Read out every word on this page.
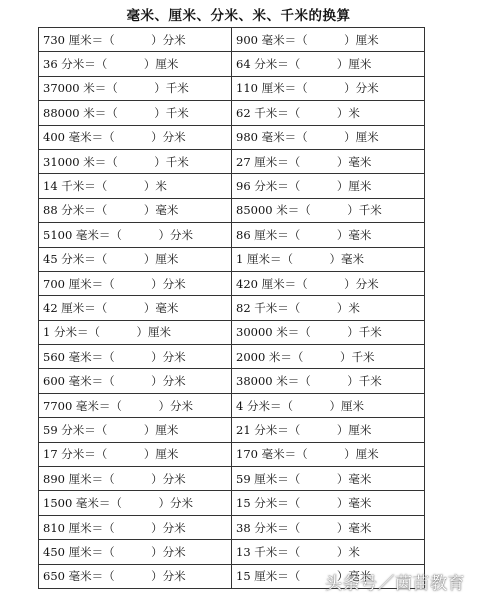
毫米、厘米、分米、米、千米的换算
730 厘米＝（          ）分米	900 毫米＝（          ）厘米
36 分米＝（          ）厘米	64 分米＝（          ）厘米
37000 米＝（          ）千米	110 厘米＝（          ）分米
88000 米＝（          ）千米	62 千米＝（          ）米
400 毫米＝（          ）分米	980 毫米＝（          ）厘米
31000 米＝（          ）千米	27 厘米＝（          ）毫米
14 千米＝（          ）米	96 分米＝（          ）厘米
88 分米＝（          ）毫米	85000 米＝（          ）千米
5100 毫米＝（          ）分米	86 厘米＝（          ）毫米
45 分米＝（          ）厘米	1 厘米＝（          ）毫米
700 厘米＝（          ）分米	420 厘米＝（          ）分米
42 厘米＝（          ）毫米	82 千米＝（          ）米
1 分米＝（          ）厘米	30000 米＝（          ）千米
560 毫米＝（          ）分米	2000 米＝（          ）千米
600 毫米＝（          ）分米	38000 米＝（          ）千米
7700 毫米＝（          ）分米	4 分米＝（          ）厘米
59 分米＝（          ）厘米	21 分米＝（          ）厘米
17 分米＝（          ）厘米	170 毫米＝（          ）厘米
890 厘米＝（          ）分米	59 厘米＝（          ）毫米
1500 毫米＝（          ）分米	15 分米＝（          ）毫米
810 厘米＝（          ）分米	38 分米＝（          ）毫米
450 厘米＝（          ）分米	13 千米＝（          ）米
650 毫米＝（          ）分米	15 厘米＝（          ）毫米
头条号／茵苗教育
